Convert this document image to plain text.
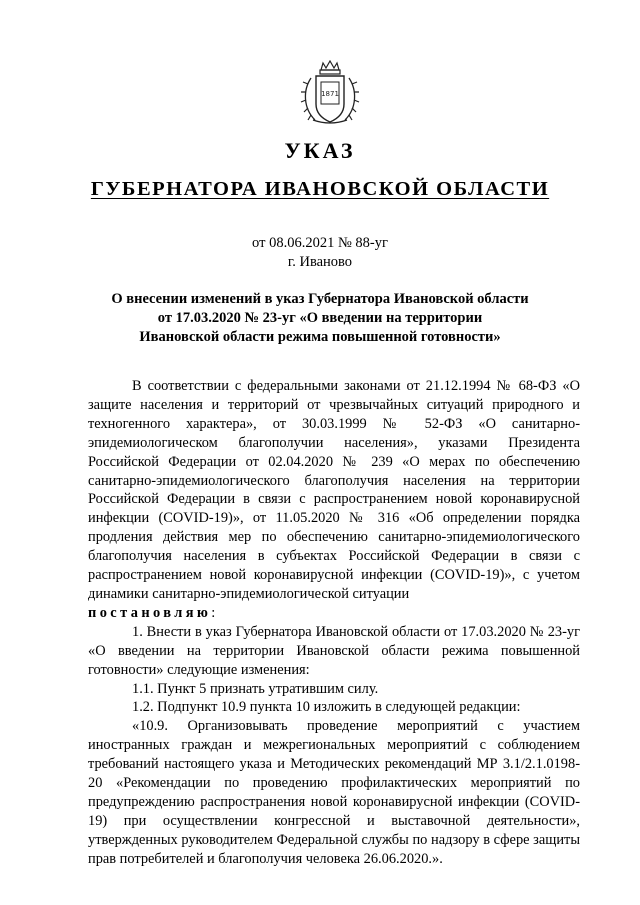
1871
УКАЗ
ГУБЕРНАТОРА ИВАНОВСКОЙ ОБЛАСТИ
от 08.06.2021 № 88-уг
г. Иваново
О внесении изменений в указ Губернатора Ивановской области
от 17.03.2020 № 23-уг «О введении на территории
Ивановской области режима повышенной готовности»

В соответствии с федеральными законами от 21.12.1994 № 68-ФЗ «О защите населения и территорий от чрезвычайных ситуаций природного и техногенного характера», от 30.03.1999 № 52-ФЗ «О санитарно-эпидемиологическом благополучии населения», указами Президента Российской Федерации от 02.04.2020 № 239 «О мерах по обеспечению санитарно-эпидемиологического благополучия населения на территории Российской Федерации в связи с распространением новой коронавирусной инфекции (COVID-19)», от 11.05.2020 № 316 «Об определении порядка продления действия мер по обеспечению санитарно-эпидемиологического благополучия населения в субъектах Российской Федерации в связи с распространением новой коронавирусной инфекции (COVID-19)», с учетом динамики санитарно-эпидемиологической ситуации

постановляю:

1. Внести в указ Губернатора Ивановской области от 17.03.2020 № 23-уг «О введении на территории Ивановской области режима повышенной готовности» следующие изменения:

1.1. Пункт 5 признать утратившим силу.

1.2. Подпункт 10.9 пункта 10 изложить в следующей редакции:

«10.9. Организовывать проведение мероприятий с участием иностранных граждан и межрегиональных мероприятий с соблюдением требований настоящего указа и Методических рекомендаций МР 3.1/2.1.0198-20 «Рекомендации по проведению профилактических мероприятий по предупреждению распространения новой коронавирусной инфекции (COVID-19) при осуществлении конгрессной и выставочной деятельности», утвержденных руководителем Федеральной службы по надзору в сфере защиты прав потребителей и благополучия человека 26.06.2020.».
